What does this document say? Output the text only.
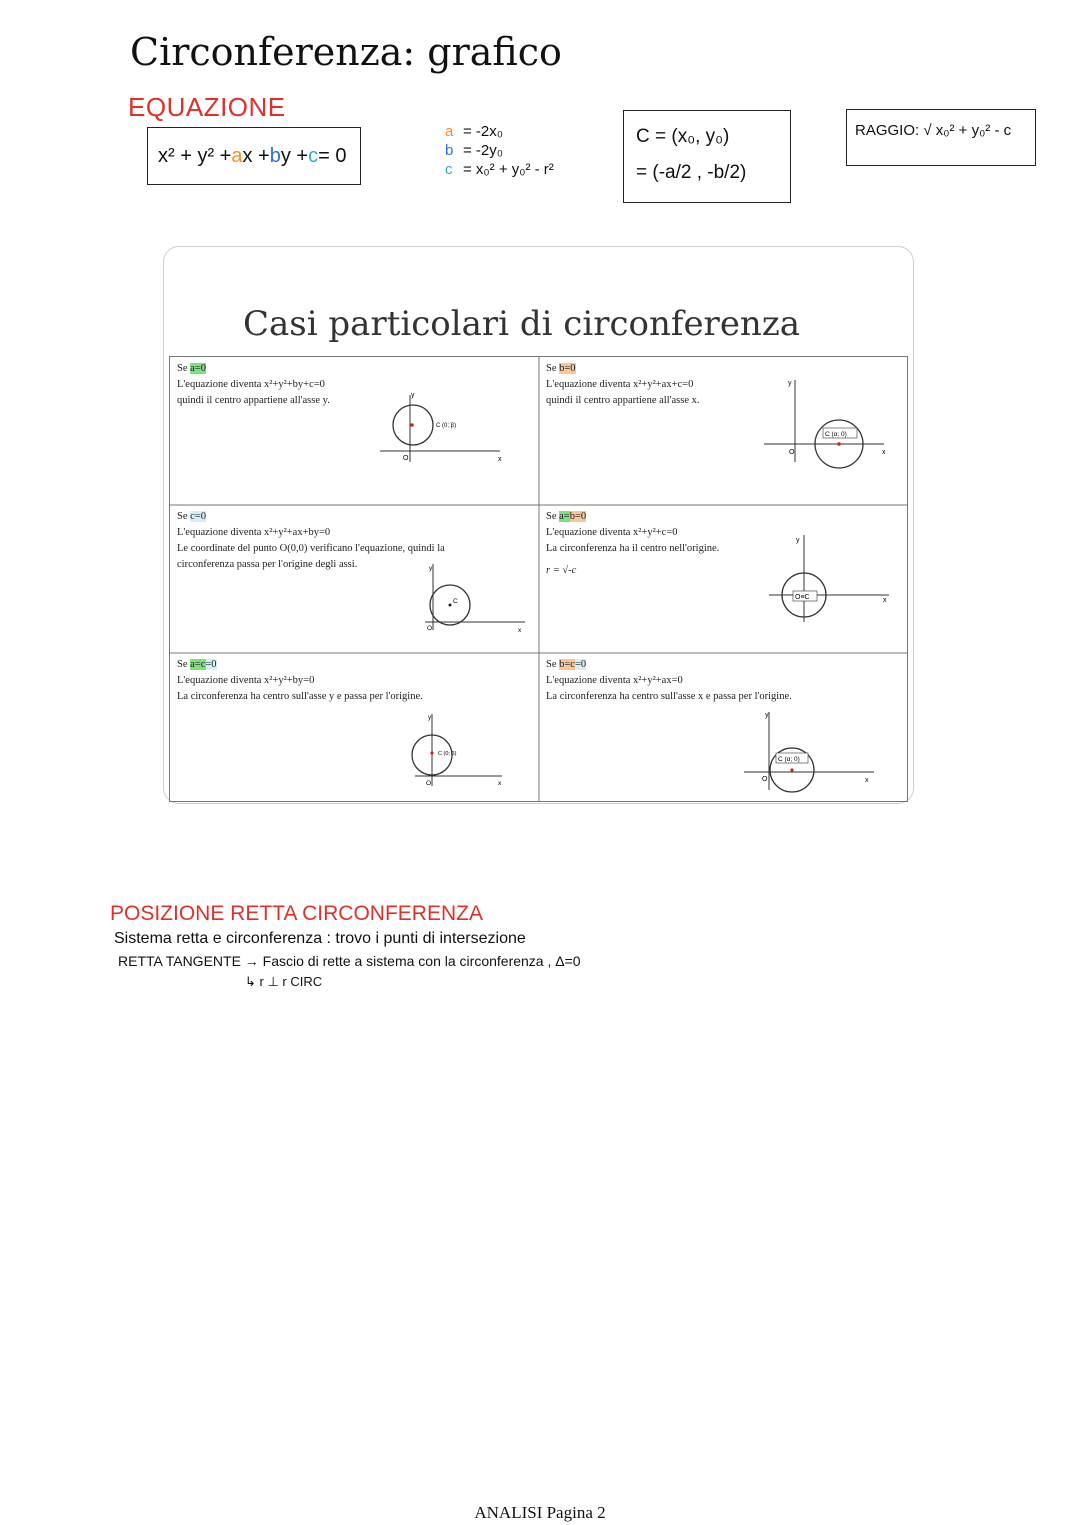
Circonferenza: grafico
EQUAZIONE
x² + y² + a x + b y + c = 0
a = -2x₀
b = -2y₀
c = x₀² + y₀² - r²
C = (x₀, y₀)
= (-a/2 , -b/2)
RAGGIO: √ x₀² + y₀² - c
Casi particolari di circonferenza
Se a=0
L'equazione diventa x²+y²+by+c=0
quindi il centro appartiene all'asse y.	y
x
O
C (0; β)
Se b=0
L'equazione diventa x²+y²+ax+c=0
quindi il centro appartiene all'asse x.
y
x
O
C (α; 0)
Se c=0
L'equazione diventa x²+y²+ax+by=0
Le coordinate del punto O(0,0) verificano l'equazione, quindi la
circonferenza passa per l'origine degli assi.	y
x
O
C
Se a=b=0
L'equazione diventa x²+y²+c=0
La circonferenza ha il centro nell'origine.
r = √-c
y
x
O≡C
Se a=c=0
L'equazione diventa x²+y²+by=0
La circonferenza ha centro sull'asse y e passa per l'origine.
y
x
O
C (0; β)
Se b=c=0
L'equazione diventa x²+y²+ax=0
La circonferenza ha centro sull'asse x e passa per l'origine.
y
x
O
C (α; 0)
POSIZIONE RETTA CIRCONFERENZA
Sistema retta e circonferenza : trovo i punti di intersezione
RETTA TANGENTE → Fascio di rette a sistema con la circonferenza , Δ=0
↳ r ⊥ r CIRC
ANALISI Pagina 2
